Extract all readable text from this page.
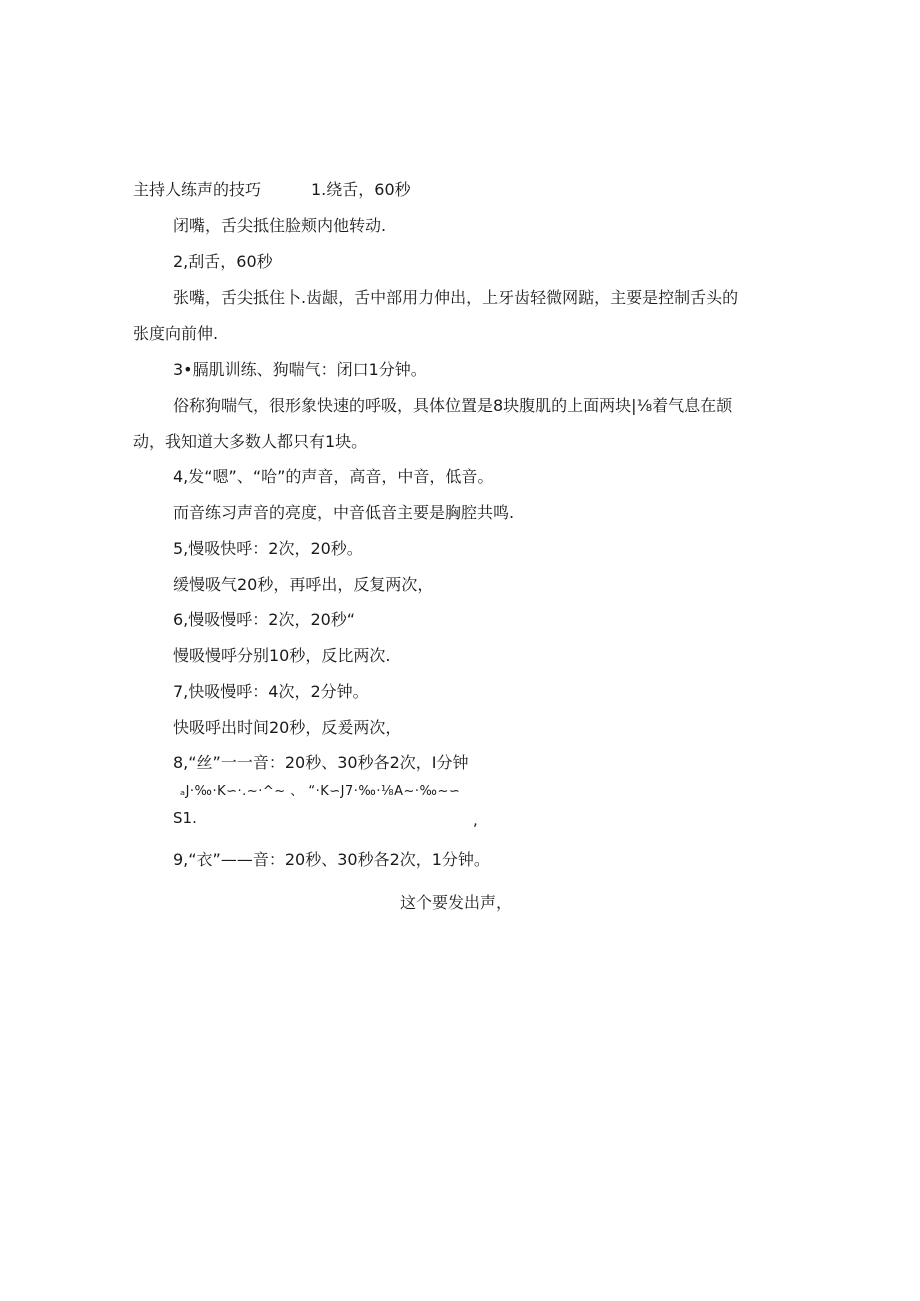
主持人练声的技巧	1.绕舌，60秒
闭嘴，舌尖抵住脸颊内他转动.
2,刮舌，60秒
张嘴，舌尖抵住卜.齿龈，舌中部用力伸出，上牙齿轻微网踮，主要是控制舌头的
张度向前伸.
3•膈肌训练、狗喘气：闭口1分钟。
俗称狗喘气，很形象快速的呼吸，具体位置是8块腹肌的上面两块|⅛着气息在颉
动，我知道大多数人都只有1块。
4,发“嗯”、“哈”的声音，高音，中音，低音。
而音练习声音的亮度，中音低音主要是胸腔共鸣.
5,慢吸快呼：2次，20秒。
缓慢吸气20秒，再呼出，反复两次，
6,慢吸慢呼：2次，20秒“
慢吸慢呼分别10秒，反比两次.
7,快吸慢呼：4次，2分钟。
快吸呼出时间20秒，反爰两次，
8,“丝”一一音：20秒、30秒各2次，I分钟
ₐJ·‰·K∽·.~·^~ 、 “·K∽J7·‰·⅛A~·‰~∽
S1.	,
9,“衣”——音：20秒、30秒各2次，1分钟。
这个要发出声，
